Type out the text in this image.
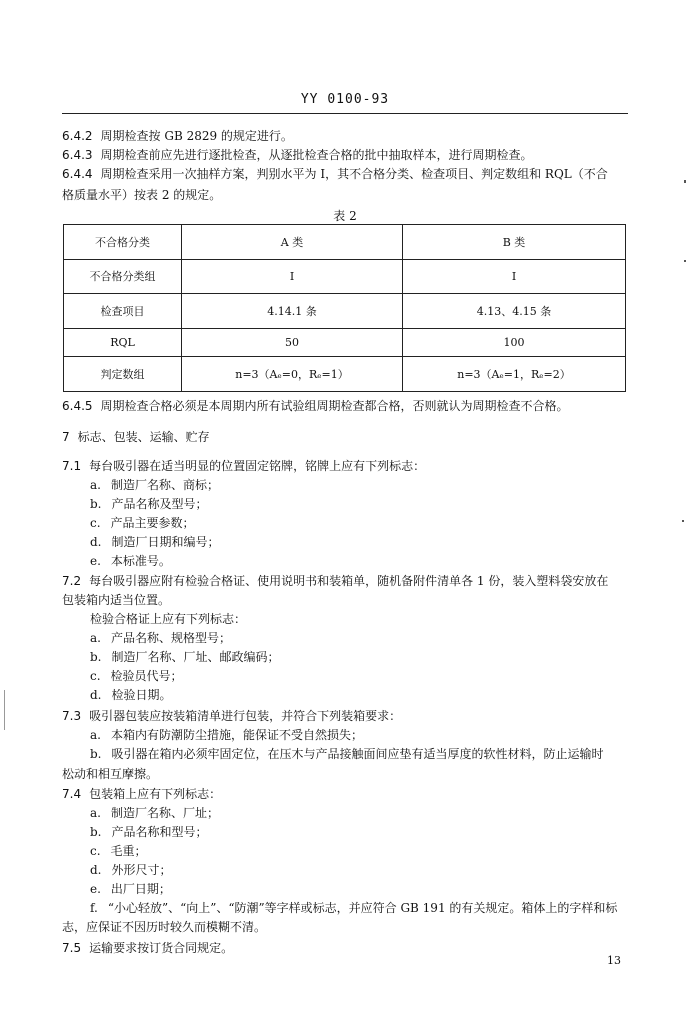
YY 0100-93
6.4.2 周期检查按 GB 2829 的规定进行。
6.4.3 周期检查前应先进行逐批检查，从逐批检查合格的批中抽取样本，进行周期检查。
6.4.4 周期检查采用一次抽样方案，判别水平为 I，其不合格分类、检查项目、判定数组和 RQL（不合
格质量水平）按表 2 的规定。
表 2
不合格分类	A 类	B 类
不合格分类组	I	I
检查项目	4.14.1 条	4.13、4.15 条
RQL	50	100
判定数组	n=3（Aₑ=0，Rₑ=1）	n=3（Aₑ=1，Rₑ=2）
6.4.5 周期检查合格必须是本周期内所有试验组周期检查都合格，否则就认为周期检查不合格。
7 标志、包装、运输、贮存
7.1 每台吸引器在适当明显的位置固定铭牌，铭牌上应有下列标志：
a. 制造厂名称、商标；
b. 产品名称及型号；
c. 产品主要参数；
d. 制造厂日期和编号；
e. 本标准号。
7.2 每台吸引器应附有检验合格证、使用说明书和装箱单，随机备附件清单各 1 份，装入塑料袋安放在
包装箱内适当位置。
检验合格证上应有下列标志：
a. 产品名称、规格型号；
b. 制造厂名称、厂址、邮政编码；
c. 检验员代号；
d. 检验日期。
7.3 吸引器包装应按装箱清单进行包装，并符合下列装箱要求：
a. 本箱内有防潮防尘措施，能保证不受自然损失；
b. 吸引器在箱内必须牢固定位，在压木与产品接触面间应垫有适当厚度的软性材料，防止运输时
松动和相互摩擦。
7.4 包装箱上应有下列标志：
a. 制造厂名称、厂址；
b. 产品名称和型号；
c. 毛重；
d. 外形尺寸；
e. 出厂日期；
f. “小心轻放”、“向上”、“防潮”等字样或标志，并应符合 GB 191 的有关规定。箱体上的字样和标
志，应保证不因历时较久而模糊不清。
7.5 运输要求按订货合同规定。
13
